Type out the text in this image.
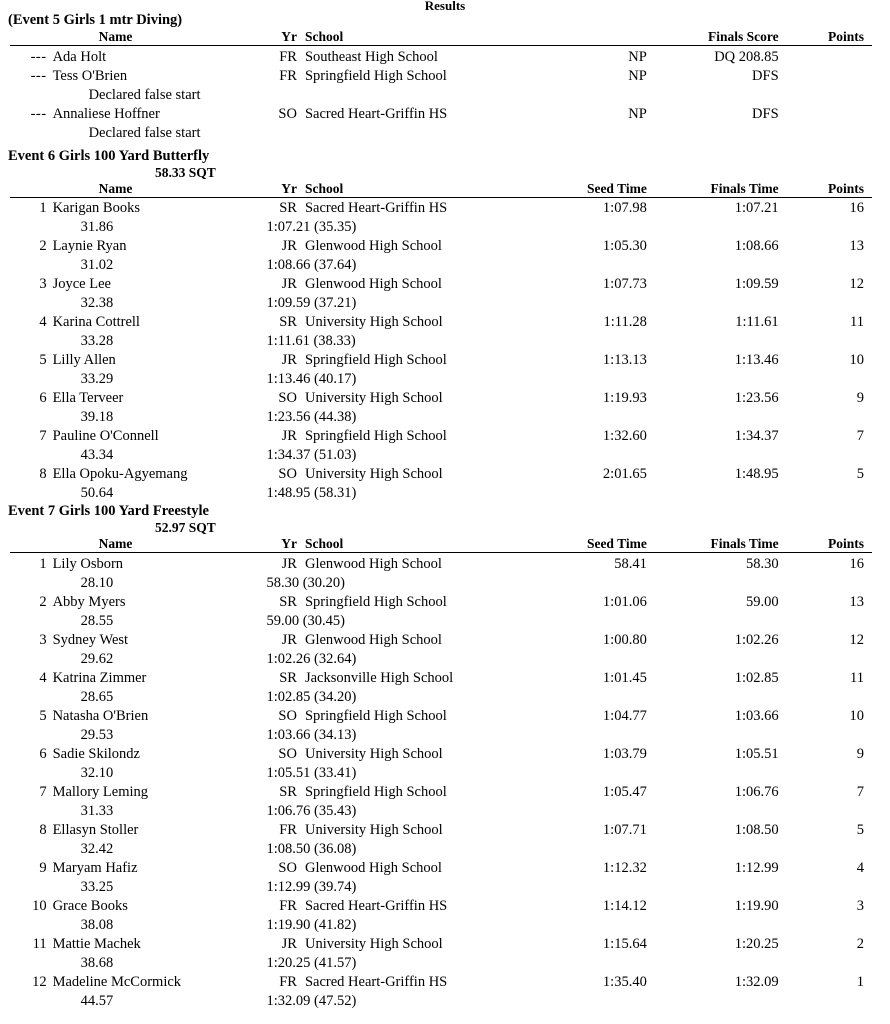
Results
(Event 5 Girls 1 mtr Diving)
	Name	Yr	School		Finals Score	Points

---	Ada Holt	FR	Southeast High School	NP	DQ 208.85	
---	Tess O'Brien	FR	Springfield High School	NP	DFS	
	Declared false start					
---	Annaliese Hoffner	SO	Sacred Heart-Griffin HS	NP	DFS	
	Declared false start					
Event 6 Girls 100 Yard Butterfly
58.33 SQT
	Name	Yr	School	Seed Time	Finals Time	Points

1	Karigan Books	SR	Sacred Heart-Griffin HS	1:07.98	1:07.21	16
	31.86	1:07.21 (35.35)				
2	Laynie Ryan	JR	Glenwood High School	1:05.30	1:08.66	13
	31.02	1:08.66 (37.64)				
3	Joyce Lee	JR	Glenwood High School	1:07.73	1:09.59	12
	32.38	1:09.59 (37.21)				
4	Karina Cottrell	SR	University High School	1:11.28	1:11.61	11
	33.28	1:11.61 (38.33)				
5	Lilly Allen	JR	Springfield High School	1:13.13	1:13.46	10
	33.29	1:13.46 (40.17)				
6	Ella Terveer	SO	University High School	1:19.93	1:23.56	9
	39.18	1:23.56 (44.38)				
7	Pauline O'Connell	JR	Springfield High School	1:32.60	1:34.37	7
	43.34	1:34.37 (51.03)				
8	Ella Opoku-Agyemang	SO	University High School	2:01.65	1:48.95	5
	50.64	1:48.95 (58.31)				
Event 7 Girls 100 Yard Freestyle
52.97 SQT
	Name	Yr	School	Seed Time	Finals Time	Points

1	Lily Osborn	JR	Glenwood High School	58.41	58.30	16
	28.10	58.30 (30.20)				
2	Abby Myers	SR	Springfield High School	1:01.06	59.00	13
	28.55	59.00 (30.45)				
3	Sydney West	JR	Glenwood High School	1:00.80	1:02.26	12
	29.62	1:02.26 (32.64)				
4	Katrina Zimmer	SR	Jacksonville High School	1:01.45	1:02.85	11
	28.65	1:02.85 (34.20)				
5	Natasha O'Brien	SO	Springfield High School	1:04.77	1:03.66	10
	29.53	1:03.66 (34.13)				
6	Sadie Skilondz	SO	University High School	1:03.79	1:05.51	9
	32.10	1:05.51 (33.41)				
7	Mallory Leming	SR	Springfield High School	1:05.47	1:06.76	7
	31.33	1:06.76 (35.43)				
8	Ellasyn Stoller	FR	University High School	1:07.71	1:08.50	5
	32.42	1:08.50 (36.08)				
9	Maryam Hafiz	SO	Glenwood High School	1:12.32	1:12.99	4
	33.25	1:12.99 (39.74)				
10	Grace Books	FR	Sacred Heart-Griffin HS	1:14.12	1:19.90	3
	38.08	1:19.90 (41.82)				
11	Mattie Machek	JR	University High School	1:15.64	1:20.25	2
	38.68	1:20.25 (41.57)				
12	Madeline McCormick	FR	Sacred Heart-Griffin HS	1:35.40	1:32.09	1
	44.57	1:32.09 (47.52)				
